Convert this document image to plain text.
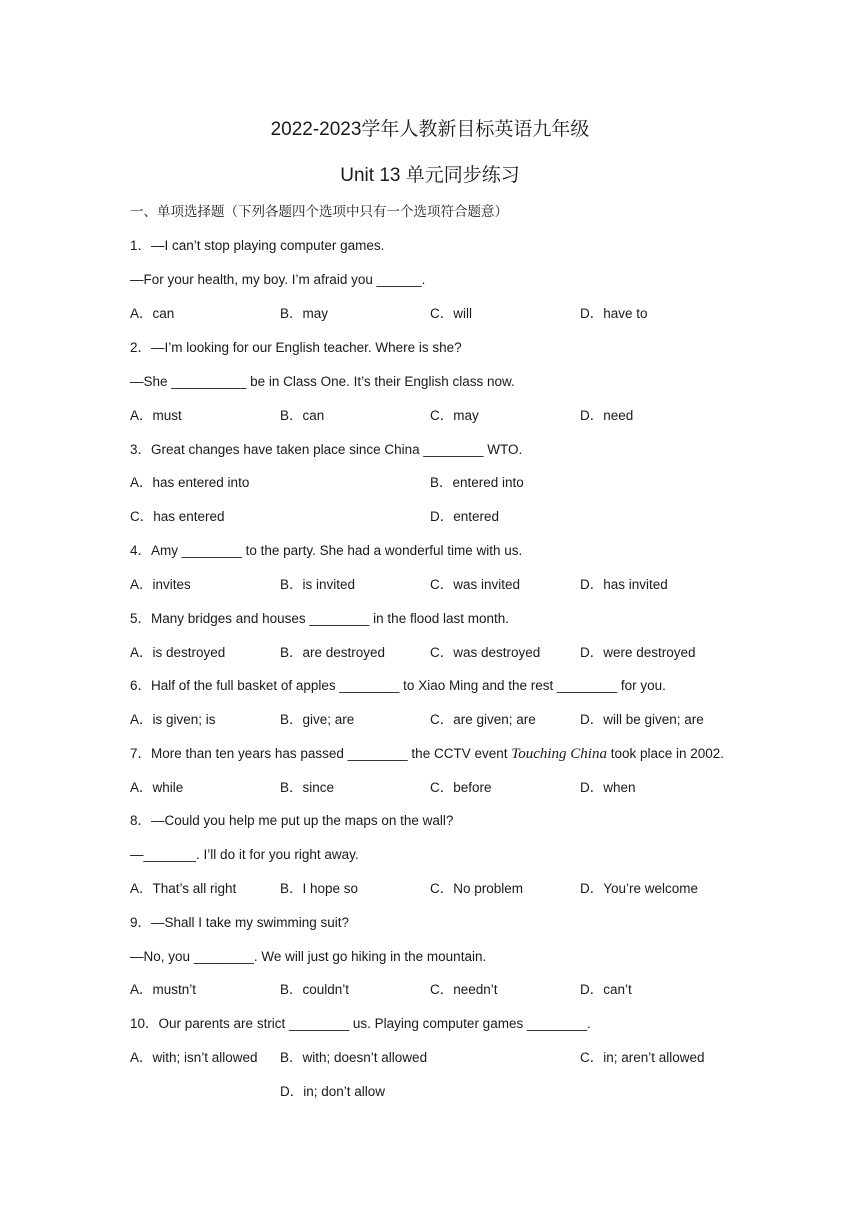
2022-2023学年人教新目标英语九年级
Unit 13 单元同步练习
一、单项选择题（下列各题四个选项中只有一个选项符合题意）
1．—I can’t stop playing computer games.
—For your health, my boy. I’m afraid you ______.
A．can	B．may	C．will	D．have to
2．—I’m looking for our English teacher. Where is she?
—She __________ be in Class One. It’s their English class now.
A．must	B．can	C．may	D．need
3．Great changes have taken place since China ________ WTO.
A．has entered into	B．entered into
C．has entered	D．entered
4．Amy ________ to the party. She had a wonderful time with us.
A．invites	B．is invited	C．was invited	D．has invited
5．Many bridges and houses ________ in the flood last month.
A．is destroyed	B．are destroyed	C．was destroyed	D．were destroyed
6．Half of the full basket of apples ________ to Xiao Ming and the rest ________ for you.
A．is given; is	B．give; are	C．are given; are	D．will be given; are
7．More than ten years has passed ________ the CCTV event Touching China took place in 2002.
A．while	B．since	C．before	D．when
8．—Could you help me put up the maps on the wall?
—_______. I’ll do it for you right away.
A．That’s all right	B．I hope so	C．No problem	D．You’re welcome
9．—Shall I take my swimming suit?
—No, you ________. We will just go hiking in the mountain.
A．mustn’t	B．couldn’t	C．needn’t	D．can’t
10．Our parents are strict ________ us. Playing computer games ________.
A．with; isn’t allowed B．with; doesn’t allowed	C．in; aren’t allowed
D．in; don’t allow
